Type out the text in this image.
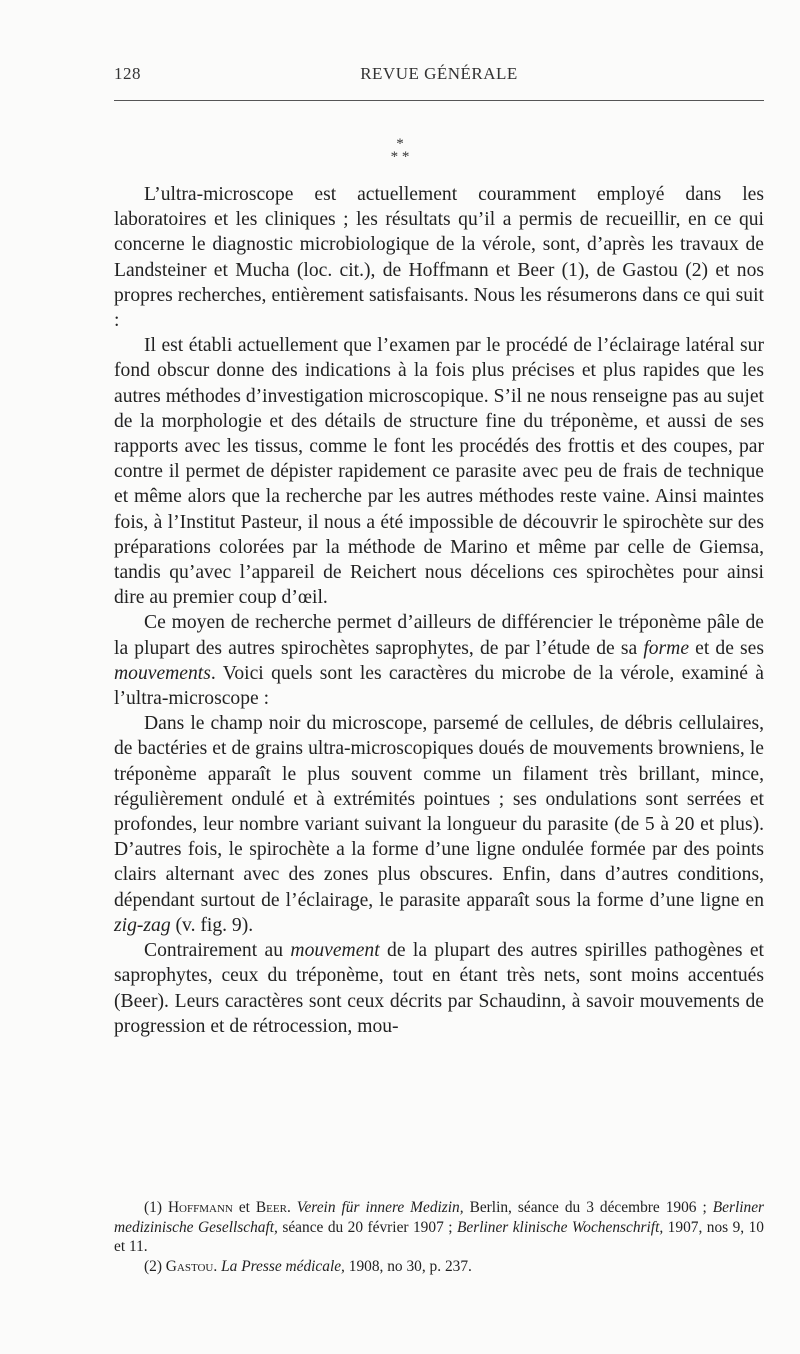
128	REVUE GÉNÉRALE
*
* *

L’ultra-microscope est actuellement couramment employé dans les laboratoires et les cliniques ; les résultats qu’il a permis de recueillir, en ce qui concerne le diagnostic microbiologique de la vérole, sont, d’après les travaux de Landsteiner et Mucha (loc. cit.), de Hoffmann et Beer (1), de Gastou (2) et nos propres recherches, entièrement satisfaisants. Nous les résumerons dans ce qui suit :

Il est établi actuellement que l’examen par le procédé de l’éclairage latéral sur fond obscur donne des indications à la fois plus précises et plus rapides que les autres méthodes d’investigation microscopique. S’il ne nous renseigne pas au sujet de la morphologie et des détails de structure fine du tréponème, et aussi de ses rapports avec les tissus, comme le font les procédés des frottis et des coupes, par contre il permet de dépister rapidement ce parasite avec peu de frais de technique et même alors que la recherche par les autres méthodes reste vaine. Ainsi maintes fois, à l’Institut Pasteur, il nous a été impossible de découvrir le spirochète sur des préparations colorées par la méthode de Marino et même par celle de Giemsa, tandis qu’avec l’appareil de Reichert nous décelions ces spirochètes pour ainsi dire au premier coup d’œil.

Ce moyen de recherche permet d’ailleurs de différencier le tréponème pâle de la plupart des autres spirochètes saprophytes, de par l’étude de sa forme et de ses mouvements. Voici quels sont les caractères du microbe de la vérole, examiné à l’ultra-microscope :

Dans le champ noir du microscope, parsemé de cellules, de débris cellulaires, de bactéries et de grains ultra-microscopiques doués de mouvements browniens, le tréponème apparaît le plus souvent comme un filament très brillant, mince, régulièrement ondulé et à extrémités pointues ; ses ondulations sont serrées et profondes, leur nombre variant suivant la longueur du parasite (de 5 à 20 et plus). D’autres fois, le spirochète a la forme d’une ligne ondulée formée par des points clairs alternant avec des zones plus obscures. Enfin, dans d’autres conditions, dépendant surtout de l’éclairage, le parasite apparaît sous la forme d’une ligne en zig-zag (v. fig. 9).

Contrairement au mouvement de la plupart des autres spirilles pathogènes et saprophytes, ceux du tréponème, tout en étant très nets, sont moins accentués (Beer). Leurs caractères sont ceux décrits par Schaudinn, à savoir mouvements de progression et de rétrocession, mou-

(1) Hoffmann et Beer. Verein für innere Medizin, Berlin, séance du 3 décembre 1906 ; Berliner medizinische Gesellschaft, séance du 20 février 1907 ; Berliner klinische Wochenschrift, 1907, nos 9, 10 et 11.

(2) Gastou. La Presse médicale, 1908, no 30, p. 237.
